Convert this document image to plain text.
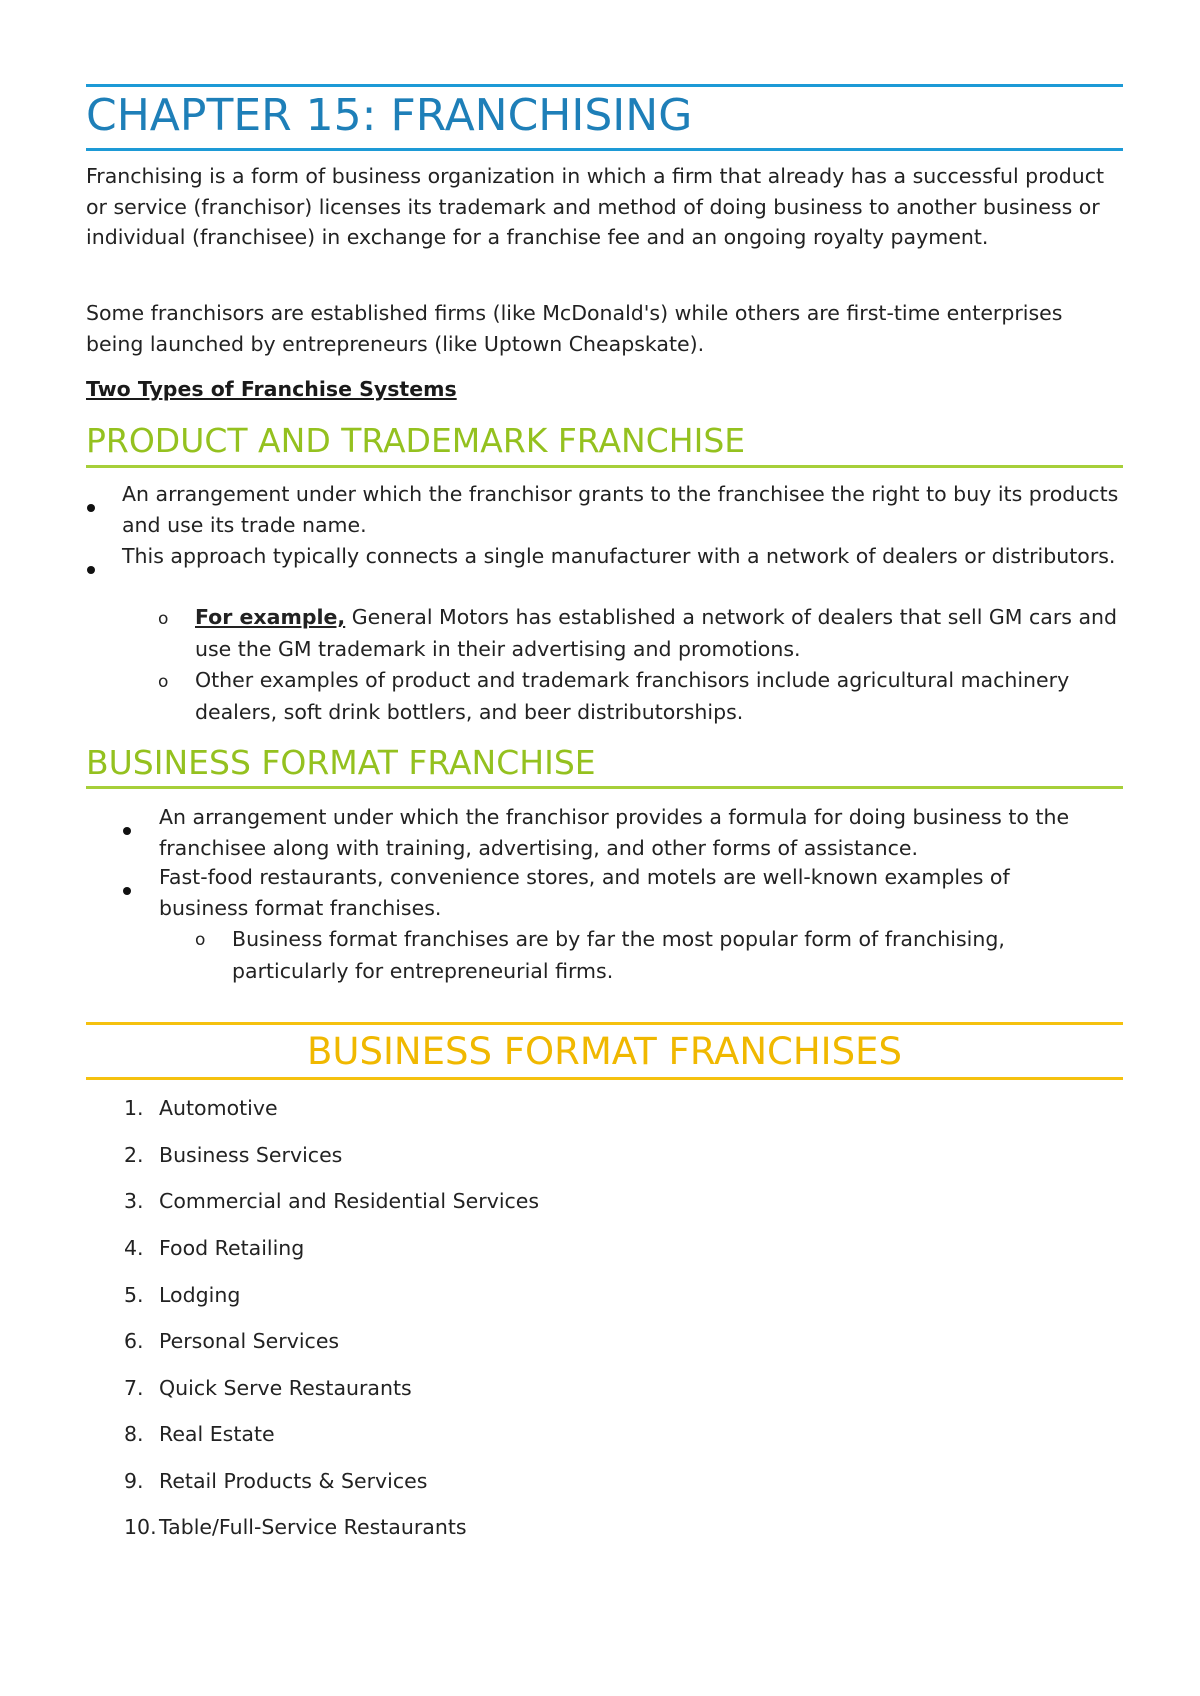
CHAPTER 15: FRANCHISING

Franchising is a form of business organization in which a firm that already has a successful product or service (franchisor) licenses its trademark and method of doing business to another business or individual (franchisee) in exchange for a franchise fee and an ongoing royalty payment.

Some franchisors are established firms (like McDonald's) while others are first-time enterprises being launched by entrepreneurs (like Uptown Cheapskate).

Two Types of Franchise Systems

PRODUCT AND TRADEMARK FRANCHISE
An arrangement under which the franchisor grants to the franchisee the right to buy its products and use its trade name.
This approach typically connects a single manufacturer with a network of dealers or distributors.
o For example, General Motors has established a network of dealers that sell GM cars and use the GM trademark in their advertising and promotions.
o Other examples of product and trademark franchisors include agricultural machinery dealers, soft drink bottlers, and beer distributorships.
BUSINESS FORMAT FRANCHISE
An arrangement under which the franchisor provides a formula for doing business to the franchisee along with training, advertising, and other forms of assistance.
Fast-food restaurants, convenience stores, and motels are well-known examples of business format franchises.
o Business format franchises are by far the most popular form of franchising, particularly for entrepreneurial firms.
BUSINESS FORMAT FRANCHISES
1. Automotive
2. Business Services
3. Commercial and Residential Services
4. Food Retailing
5. Lodging
6. Personal Services
7. Quick Serve Restaurants
8. Real Estate
9. Retail Products & Services
10. Table/Full-Service Restaurants
